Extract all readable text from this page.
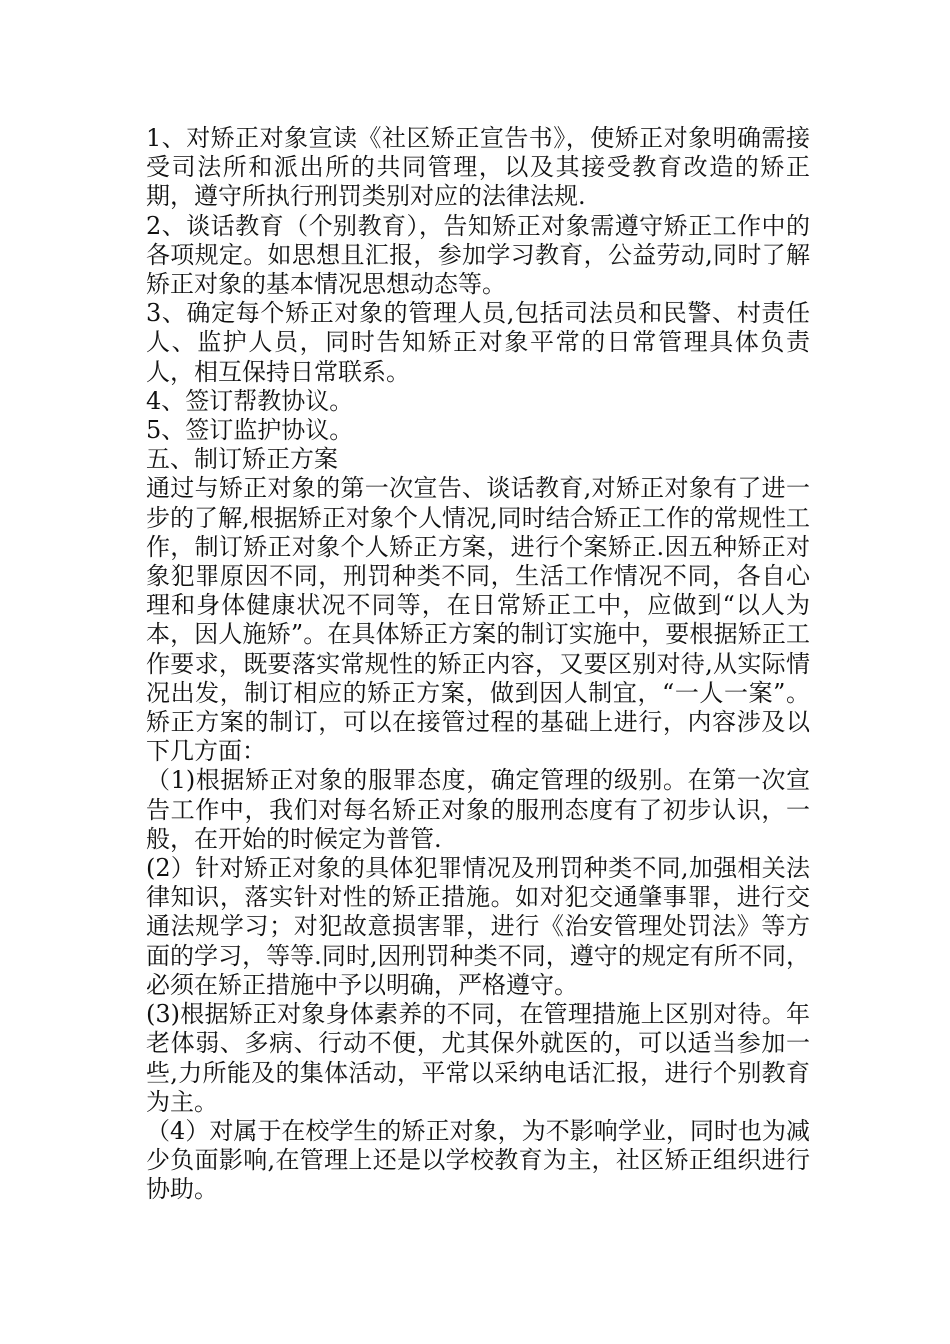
1、对矫正对象宣读《社区矫正宣告书》，使矫正对象明确需接受司法所和派出所的共同管理，以及其接受教育改造的矫正期，遵守所执行刑罚类别对应的法律法规.

2、谈话教育（个别教育），告知矫正对象需遵守矫正工作中的各项规定。如思想且汇报，参加学习教育，公益劳动,同时了解矫正对象的基本情况思想动态等。

3、确定每个矫正对象的管理人员,包括司法员和民警、村责任人、监护人员，同时告知矫正对象平常的日常管理具体负责人，相互保持日常联系。

4、签订帮教协议。

5、签订监护协议。

五、制订矫正方案

通过与矫正对象的第一次宣告、谈话教育,对矫正对象有了进一步的了解,根据矫正对象个人情况,同时结合矫正工作的常规性工作，制订矫正对象个人矫正方案，进行个案矫正.因五种矫正对象犯罪原因不同，刑罚种类不同，生活工作情况不同，各自心理和身体健康状况不同等，在日常矫正工中，应做到“以人为本，因人施矫”。在具体矫正方案的制订实施中，要根据矫正工作要求，既要落实常规性的矫正内容，又要区别对待,从实际情况出发，制订相应的矫正方案，做到因人制宜，“一人一案”。矫正方案的制订，可以在接管过程的基础上进行，内容涉及以下几方面：

（1)根据矫正对象的服罪态度，确定管理的级别。在第一次宣告工作中，我们对每名矫正对象的服刑态度有了初步认识，一般，在开始的时候定为普管.

(2）针对矫正对象的具体犯罪情况及刑罚种类不同,加强相关法律知识，落实针对性的矫正措施。如对犯交通肇事罪，进行交通法规学习；对犯故意损害罪，进行《治安管理处罚法》等方面的学习，等等.同时,因刑罚种类不同，遵守的规定有所不同，必须在矫正措施中予以明确，严格遵守。

(3)根据矫正对象身体素养的不同，在管理措施上区别对待。年老体弱、多病、行动不便，尤其保外就医的，可以适当参加一些,力所能及的集体活动，平常以采纳电话汇报，进行个别教育为主。

（4）对属于在校学生的矫正对象，为不影响学业，同时也为减少负面影响,在管理上还是以学校教育为主，社区矫正组织进行协助。
